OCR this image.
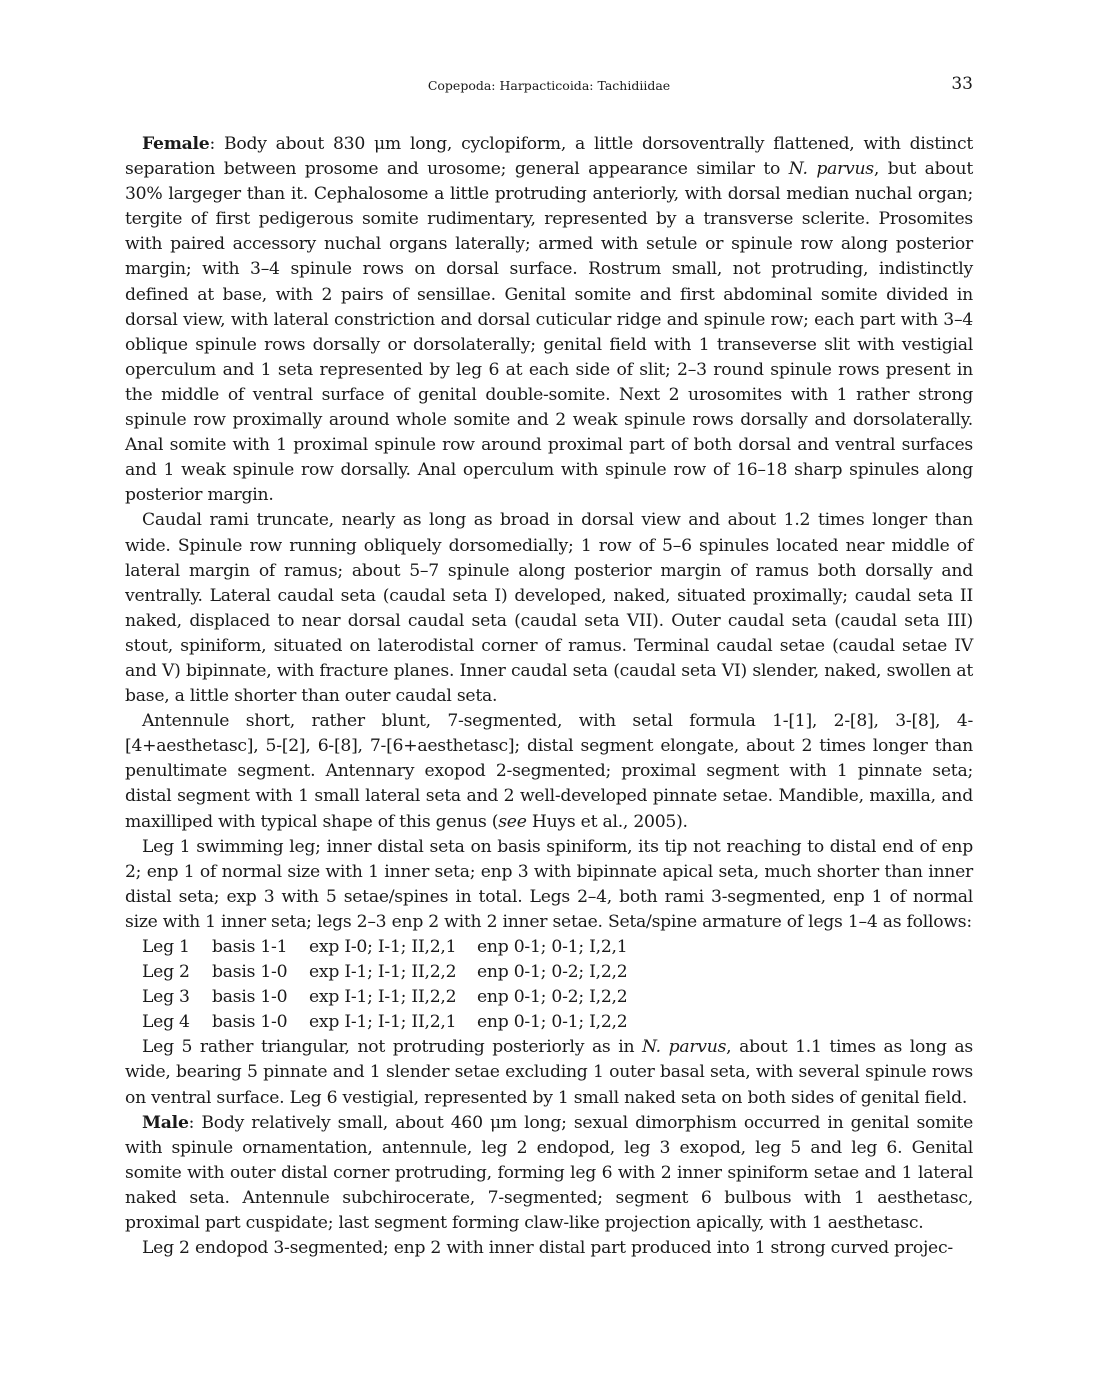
Copepoda: Harpacticoida: Tachidiidae	33

Female: Body about 830 μm long, cyclopiform, a little dorsoventrally flattened, with distinct separation between prosome and urosome; general appearance similar to N. parvus, but about 30% largeger than it. Cephalosome a little protruding anteriorly, with dorsal median nuchal organ; tergite of first pedigerous somite rudimentary, represented by a transverse sclerite. Prosomites with paired accessory nuchal organs laterally; armed with setule or spinule row along posterior margin; with 3–4 spinule rows on dorsal surface. Rostrum small, not protruding, indistinctly defined at base, with 2 pairs of sensillae. Genital somite and first abdominal somite divided in dorsal view, with lateral constriction and dorsal cuticular ridge and spinule row; each part with 3–4 oblique spinule rows dorsally or dorsolaterally; genital field with 1 transeverse slit with vestigial operculum and 1 seta represented by leg 6 at each side of slit; 2–3 round spinule rows present in the middle of ventral surface of genital double-somite. Next 2 urosomites with 1 rather strong spinule row proximally around whole somite and 2 weak spinule rows dorsally and dorsolaterally. Anal somite with 1 proximal spinule row around proximal part of both dorsal and ventral surfaces and 1 weak spinule row dorsally. Anal operculum with spinule row of 16–18 sharp spinules along posterior margin.

Caudal rami truncate, nearly as long as broad in dorsal view and about 1.2 times longer than wide. Spinule row running obliquely dorsomedially; 1 row of 5–6 spinules located near middle of lateral margin of ramus; about 5–7 spinule along posterior margin of ramus both dorsally and ventrally. Lateral caudal seta (caudal seta I) developed, naked, situated proximally; caudal seta II naked, displaced to near dorsal caudal seta (caudal seta VII). Outer caudal seta (caudal seta III) stout, spiniform, situated on laterodistal corner of ramus. Terminal caudal setae (caudal setae IV and V) bipinnate, with fracture planes. Inner caudal seta (caudal seta VI) slender, naked, swollen at base, a little shorter than outer caudal seta.

Antennule short, rather blunt, 7-segmented, with setal formula 1-[1], 2-[8], 3-[8], 4-[4+aesthetasc], 5-[2], 6-[8], 7-[6+aesthetasc]; distal segment elongate, about 2 times longer than penultimate segment. Antennary exopod 2-segmented; proximal segment with 1 pinnate seta; distal segment with 1 small lateral seta and 2 well-developed pinnate setae. Mandible, maxilla, and maxilliped with typical shape of this genus (see Huys et al., 2005).

Leg 1 swimming leg; inner distal seta on basis spiniform, its tip not reaching to distal end of enp 2; enp 1 of normal size with 1 inner seta; enp 3 with bipinnate apical seta, much shorter than inner distal seta; exp 3 with 5 setae/spines in total. Legs 2–4, both rami 3-segmented, enp 1 of normal size with 1 inner seta; legs 2–3 enp 2 with 2 inner setae. Seta/spine armature of legs 1–4 as follows:

Leg 1	basis 1-1	exp I-0; I-1; II,2,1	enp 0-1; 0-1; I,2,1
Leg 2	basis 1-0	exp I-1; I-1; II,2,2	enp 0-1; 0-2; I,2,2
Leg 3	basis 1-0	exp I-1; I-1; II,2,2	enp 0-1; 0-2; I,2,2
Leg 4	basis 1-0	exp I-1; I-1; II,2,1	enp 0-1; 0-1; I,2,2

Leg 5 rather triangular, not protruding posteriorly as in N. parvus, about 1.1 times as long as wide, bearing 5 pinnate and 1 slender setae excluding 1 outer basal seta, with several spinule rows on ventral surface. Leg 6 vestigial, represented by 1 small naked seta on both sides of genital field.

Male: Body relatively small, about 460 μm long; sexual dimorphism occurred in genital somite with spinule ornamentation, antennule, leg 2 endopod, leg 3 exopod, leg 5 and leg 6. Genital somite with outer distal corner protruding, forming leg 6 with 2 inner spiniform setae and 1 lateral naked seta. Antennule subchirocerate, 7-segmented; segment 6 bulbous with 1 aesthetasc, proximal part cuspidate; last segment forming claw-like projection apically, with 1 aesthetasc.

Leg 2 endopod 3-segmented; enp 2 with inner distal part produced into 1 strong curved projec-
